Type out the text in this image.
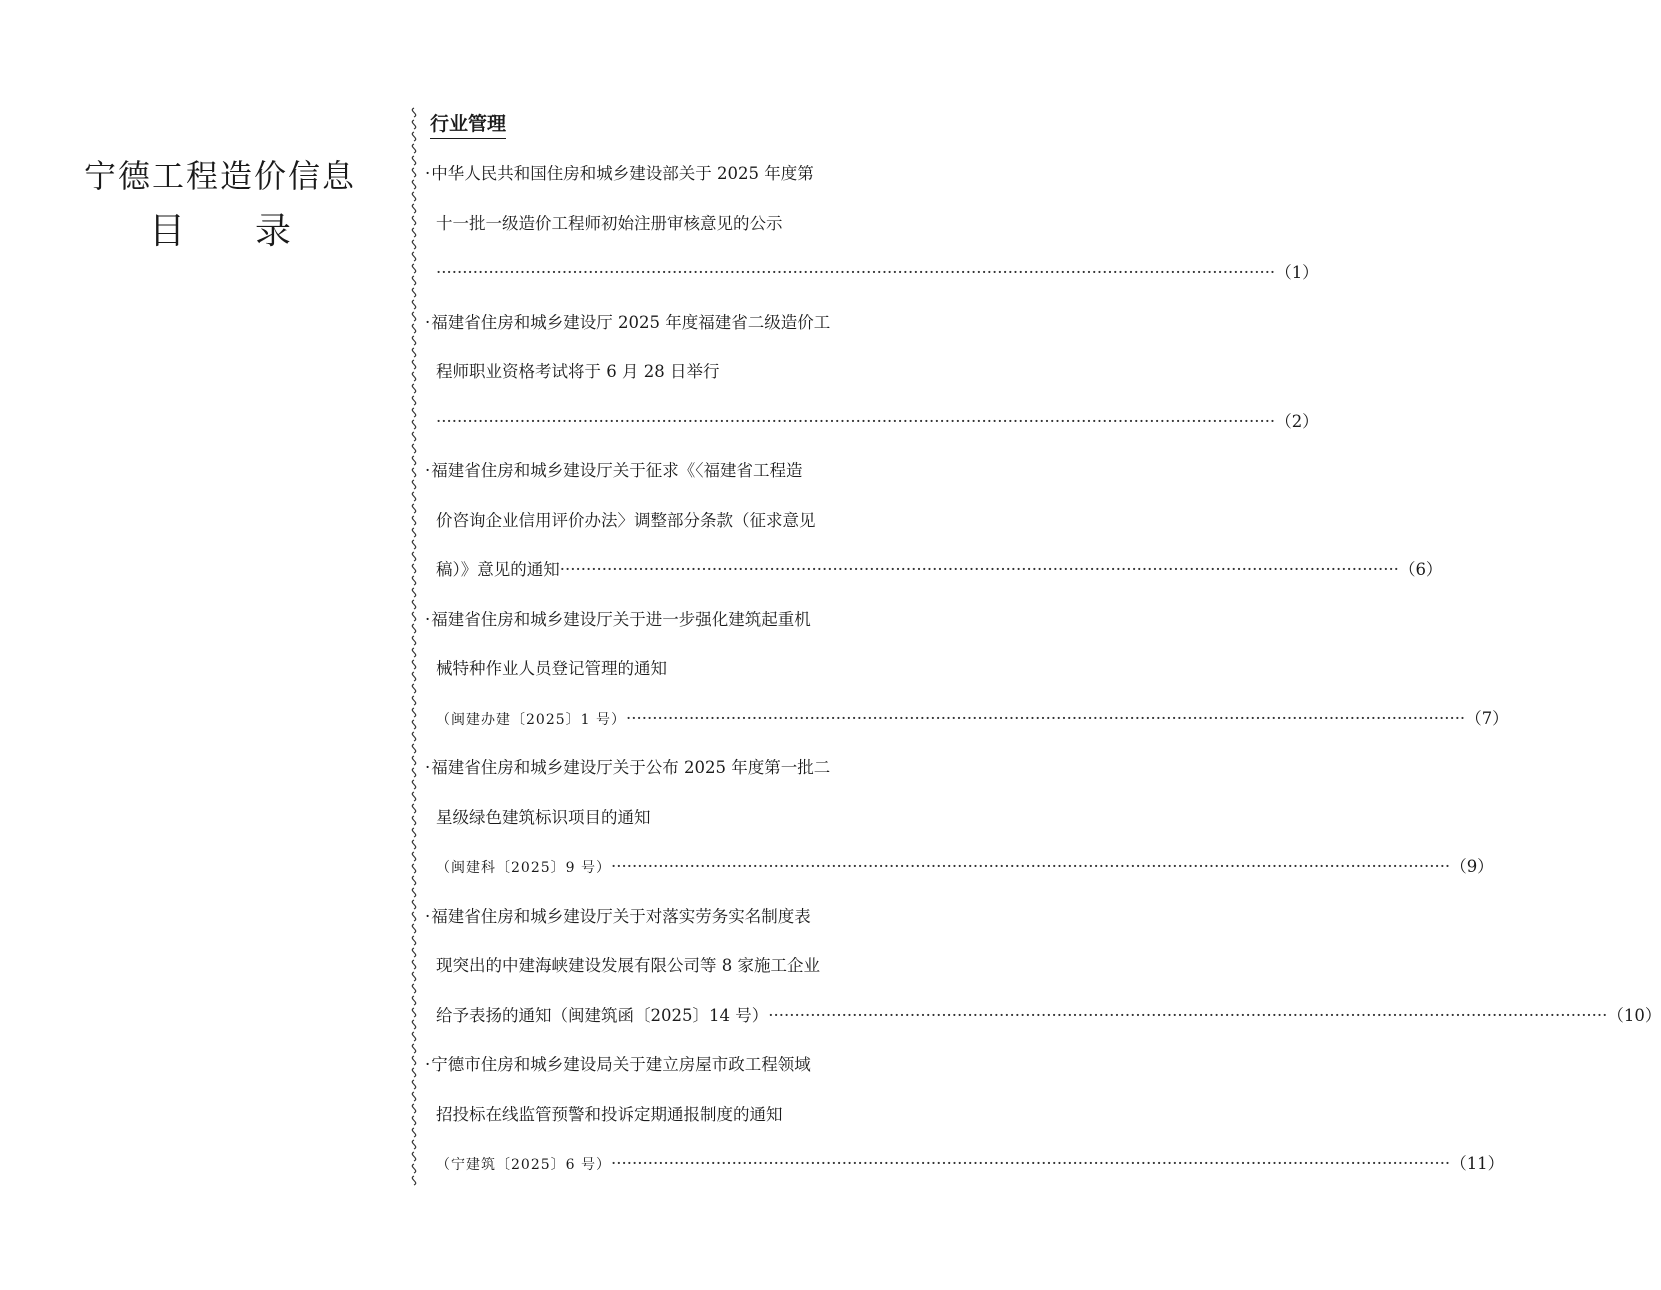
宁德工程造价信息
目 录
行业管理
·中华人民共和国住房和城乡建设部关于 2025 年度第
十一批一级造价工程师初始注册审核意见的公示
································································································································································ （1）
·福建省住房和城乡建设厅 2025 年度福建省二级造价工
程师职业资格考试将于 6 月 28 日举行
································································································································································ （2）
·福建省住房和城乡建设厅关于征求《〈福建省工程造
价咨询企业信用评价办法〉调整部分条款（征求意见
稿）》意见的通知 ································································································································································ （6）
·福建省住房和城乡建设厅关于进一步强化建筑起重机
械特种作业人员登记管理的通知
（闽建办建〔2025〕1 号） ································································································································································ （7）
·福建省住房和城乡建设厅关于公布 2025 年度第一批二
星级绿色建筑标识项目的通知
（闽建科〔2025〕9 号） ································································································································································ （9）
·福建省住房和城乡建设厅关于对落实劳务实名制度表
现突出的中建海峡建设发展有限公司等 8 家施工企业
给予表扬的通知（闽建筑函〔2025〕14 号） ································································································································································ （10）
·宁德市住房和城乡建设局关于建立房屋市政工程领域
招投标在线监管预警和投诉定期通报制度的通知
（宁建筑〔2025〕6 号） ································································································································································ （11）
